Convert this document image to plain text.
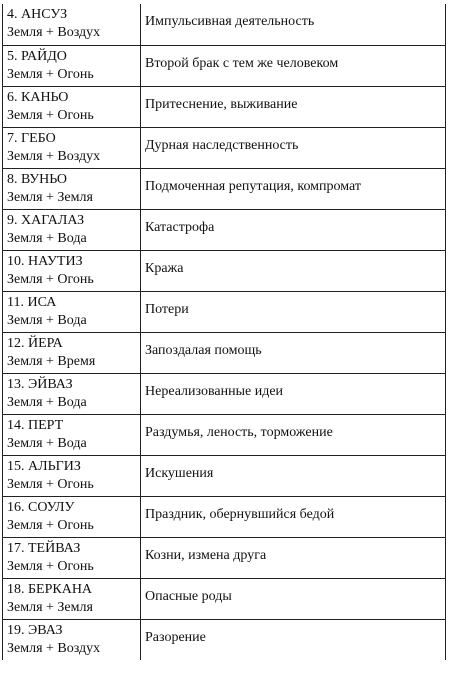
4. АНСУЗ
Земля + Воздух	Импульсивная деятельность

5. РАЙДО
Земля + Огонь	Второй брак с тем же человеком

6. КАНЬО
Земля + Огонь	Притеснение, выживание

7. ГЕБО
Земля + Воздух	Дурная наследственность

8. ВУНЬО
Земля + Земля	Подмоченная репутация, компромат

9. ХАГАЛАЗ
Земля + Вода	Катастрофа

10. НАУТИЗ
Земля + Огонь	Кража

11. ИСА
Земля + Вода	Потери

12. ЙЕРА
Земля + Время	Запоздалая помощь

13. ЭЙВАЗ
Земля + Вода	Нереализованные идеи

14. ПЕРТ
Земля + Вода	Раздумья, леность, торможение

15. АЛЬГИЗ
Земля + Огонь	Искушения

16. СОУЛУ
Земля + Огонь	Праздник, обернувшийся бедой

17. ТЕЙВАЗ
Земля + Огонь	Козни, измена друга

18. БЕРКАНА
Земля + Земля	Опасные роды

19. ЭВАЗ
Земля + Воздух	Разорение
